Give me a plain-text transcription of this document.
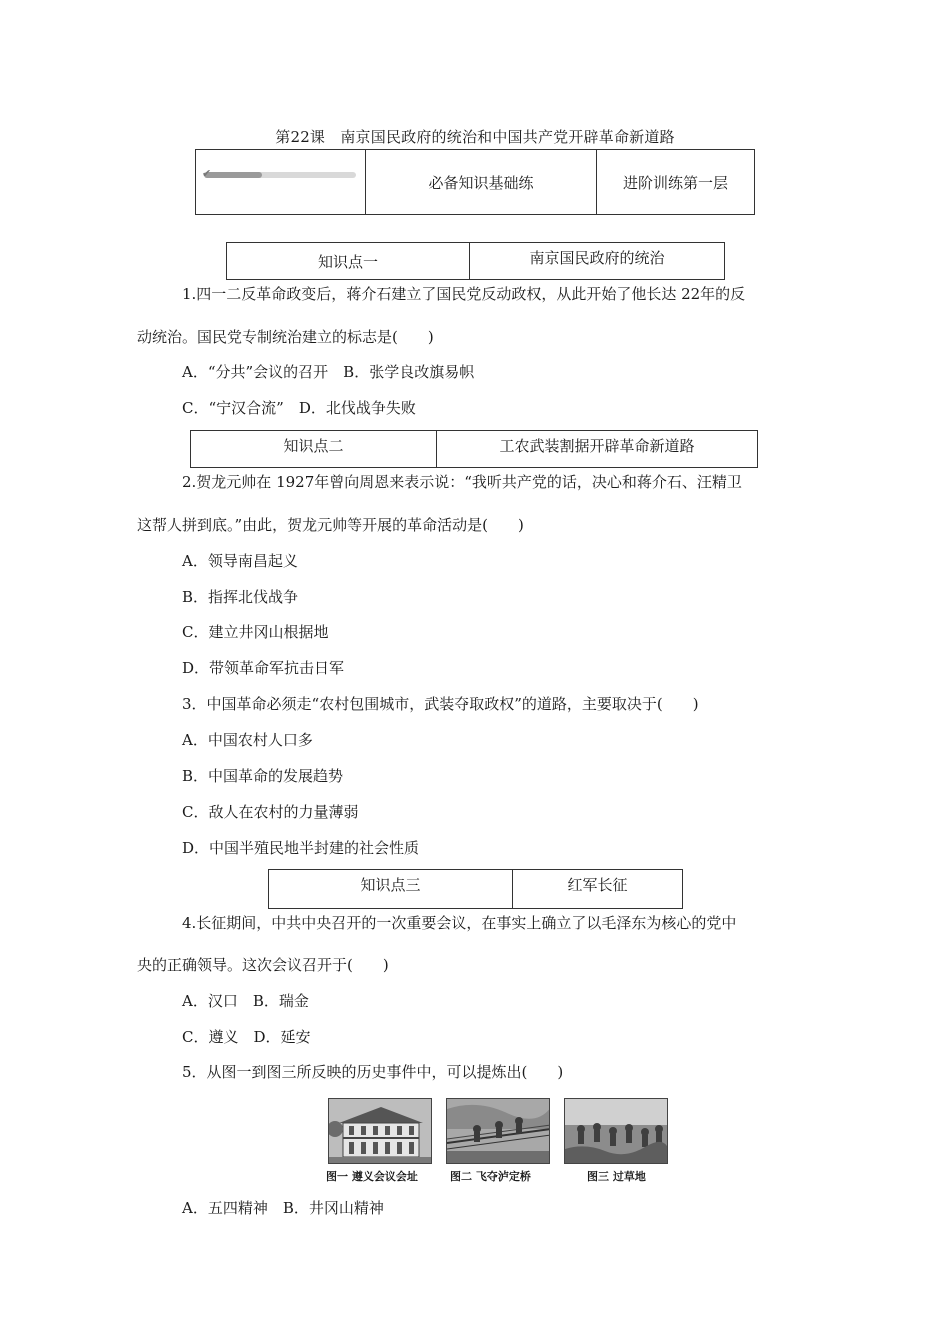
第22课　南京国民政府的统治和中国共产党开辟革命新道路
✔	必备知识基础练	进阶训练第一层
知识点一	南京国民政府的统治
1.四一二反革命政变后，蒋介石建立了国民党反动政权，从此开始了他长达 22年的反
动统治。国民党专制统治建立的标志是(　　)
A．“分共”会议的召开　B．张学良改旗易帜
C．“宁汉合流”　D．北伐战争失败
知识点二	工农武装割据开辟革命新道路
2.贺龙元帅在 1927年曾向周恩来表示说：“我听共产党的话，决心和蒋介石、汪精卫
这帮人拼到底。”由此，贺龙元帅等开展的革命活动是(　　)
A．领导南昌起义
B．指挥北伐战争
C．建立井冈山根据地
D．带领革命军抗击日军
3．中国革命必须走“农村包围城市，武装夺取政权”的道路，主要取决于(　　)
A．中国农村人口多
B．中国革命的发展趋势
C．敌人在农村的力量薄弱
D．中国半殖民地半封建的社会性质
知识点三	红军长征
4.长征期间，中共中央召开的一次重要会议，在事实上确立了以毛泽东为核心的党中
央的正确领导。这次会议召开于(　　)
A．汉口　B．瑞金
C．遵义　D．延安
5．从图一到图三所反映的历史事件中，可以提炼出(　　)
图一 遵义会议会址	图二 飞夺泸定桥	图三 过草地
A．五四精神　B．井冈山精神
